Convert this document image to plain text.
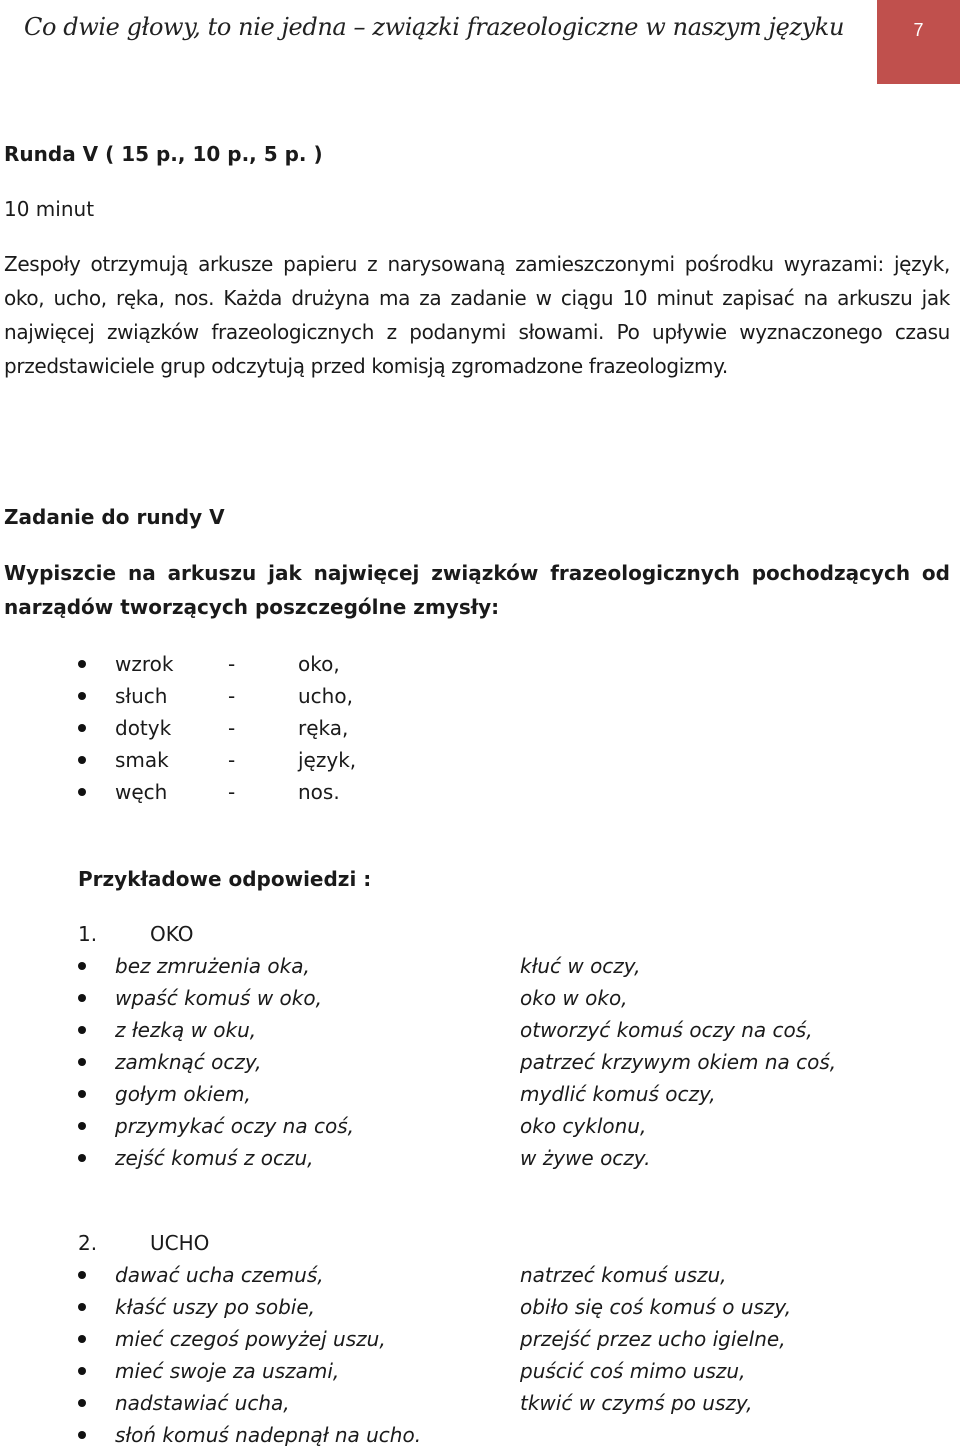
Co dwie głowy, to nie jedna – związki frazeologiczne w naszym języku	7
Runda V ( 15 p., 10 p., 5 p. )
10 minut
Zespoły otrzymują arkusze papieru z narysowaną zamieszczonymi pośrodku wyrazami: język, oko, ucho, ręka, nos. Każda drużyna ma za zadanie w ciągu 10 minut zapisać na arkuszu jak najwięcej związków frazeologicznych z podanymi słowami. Po upływie wyznaczonego czasu przedstawiciele grup odczytują przed komisją zgromadzone frazeologizmy.
Zadanie do rundy V
Wypiszcie na arkuszu jak najwięcej związków frazeologicznych pochodzących od narządów tworzących poszczególne zmysły:
wzrok	-	oko,
słuch	-	ucho,
dotyk	-	ręka,
smak	-	język,
węch	-	nos.
Przykładowe odpowiedzi :
1.	OKO
bez zmrużenia oka,	kłuć w oczy,
wpaść komuś w oko,	oko w oko,
z łezką w oku,	otworzyć komuś oczy na coś,
zamknąć oczy,	patrzeć krzywym okiem na coś,
gołym okiem,	mydlić komuś oczy,
przymykać oczy na coś,	oko cyklonu,
zejść komuś z oczu,	w żywe oczy.
2.	UCHO
dawać ucha czemuś,	natrzeć komuś uszu,
kłaść uszy po sobie,	obiło się coś komuś o uszy,
mieć czegoś powyżej uszu,	przejść przez ucho igielne,
mieć swoje za uszami,	puścić coś mimo uszu,
nadstawiać ucha,	tkwić w czymś po uszy,
słoń komuś nadepnął na ucho.
